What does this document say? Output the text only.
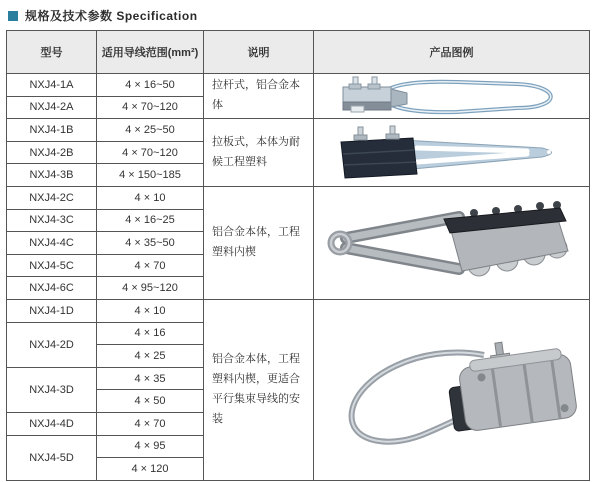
规格及技术参数 Specification
型号	适用导线范围(mm²)	说明	产品图例
NXJ4-1A	4 × 16~50	拉杆式，铝合金本体	

NXJ4-2A	4 × 70~120		
NXJ4-1B	4 × 25~50	拉板式，本体为耐候工程塑料	

NXJ4-2B	4 × 70~120		
NXJ4-3B	4 × 150~185		
NXJ4-2C	4 × 10	铝合金本体，工程塑料内楔	

NXJ4-3C	4 × 16~25		
NXJ4-4C	4 × 35~50		
NXJ4-5C	4 × 70		
NXJ4-6C	4 × 95~120		
NXJ4-1D	4 × 10	铝合金本体，工程塑料内楔，更适合平行集束导线的安装	

NXJ4-2D	4 × 16		
	4 × 25		
NXJ4-3D	4 × 35		
	4 × 50		
NXJ4-4D	4 × 70		
NXJ4-5D	4 × 95		
	4 × 120		
